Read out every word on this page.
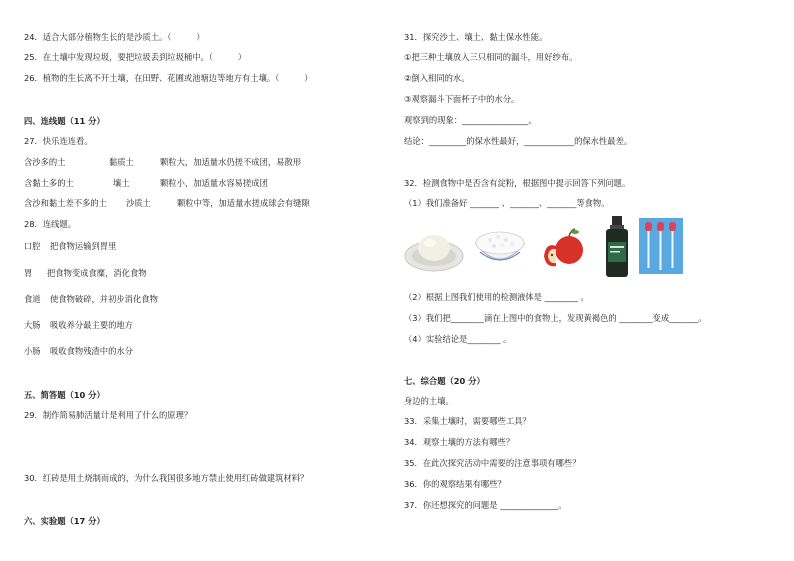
24．适合大部分植物生长的是沙质土。（　　　）
25．在土壤中发现垃圾，要把垃圾丢到垃圾桶中。（　　　）
26．植物的生长离不开土壤，在田野、花圃或池塘边等地方有土壤。（　　　）
四、连线题（11 分）
27．快乐连连看。
含沙多的土	黏质土	颗粒大，加适量水仍搓不成团，易散形
含黏土多的土	壤土	颗粒小，加适量水容易搓成团
含沙和黏土差不多的土 沙质土	颗粒中等，加适量水搓成球会有缝隙
28．连线题。
口腔 把食物运输到胃里
胃 把食物变成食糜，消化食物
食道 使食物破碎，并初步消化食物
大肠 吸收养分最主要的地方
小肠 吸收食物残渣中的水分
五、简答题（10 分）
29．制作简易肺活量计是利用了什么的原理？
30．红砖是用土烧制而成的，为什么我国很多地方禁止使用红砖做建筑材料？
六、实验题（17 分）
31．探究沙土、壤土、黏土保水性能。
①把三种土壤放入三只相同的漏斗，用好纱布。
②倒入相同的水。
③观察漏斗下面杯子中的水分。
观察到的现象：________________。
结论：_________的保水性最好，____________的保水性最差。
32．检测食物中是否含有淀粉，根据图中提示回答下列问题。
（1）我们准备好 _______ 、_______、_______等食物。
（2）根据上图我们使用的检测液体是 ________ 。
（3）我们把________滴在上图中的食物上，发现黄褐色的 ________变成_______。
（4）实验结论是________ 。
七、综合题（20 分）
身边的土壤。
33．采集土壤时，需要哪些工具？
34．观察土壤的方法有哪些？
35．在此次探究活动中需要的注意事项有哪些？
36．你的观察结果有哪些？
37．你还想探究的问题是 ______________。
